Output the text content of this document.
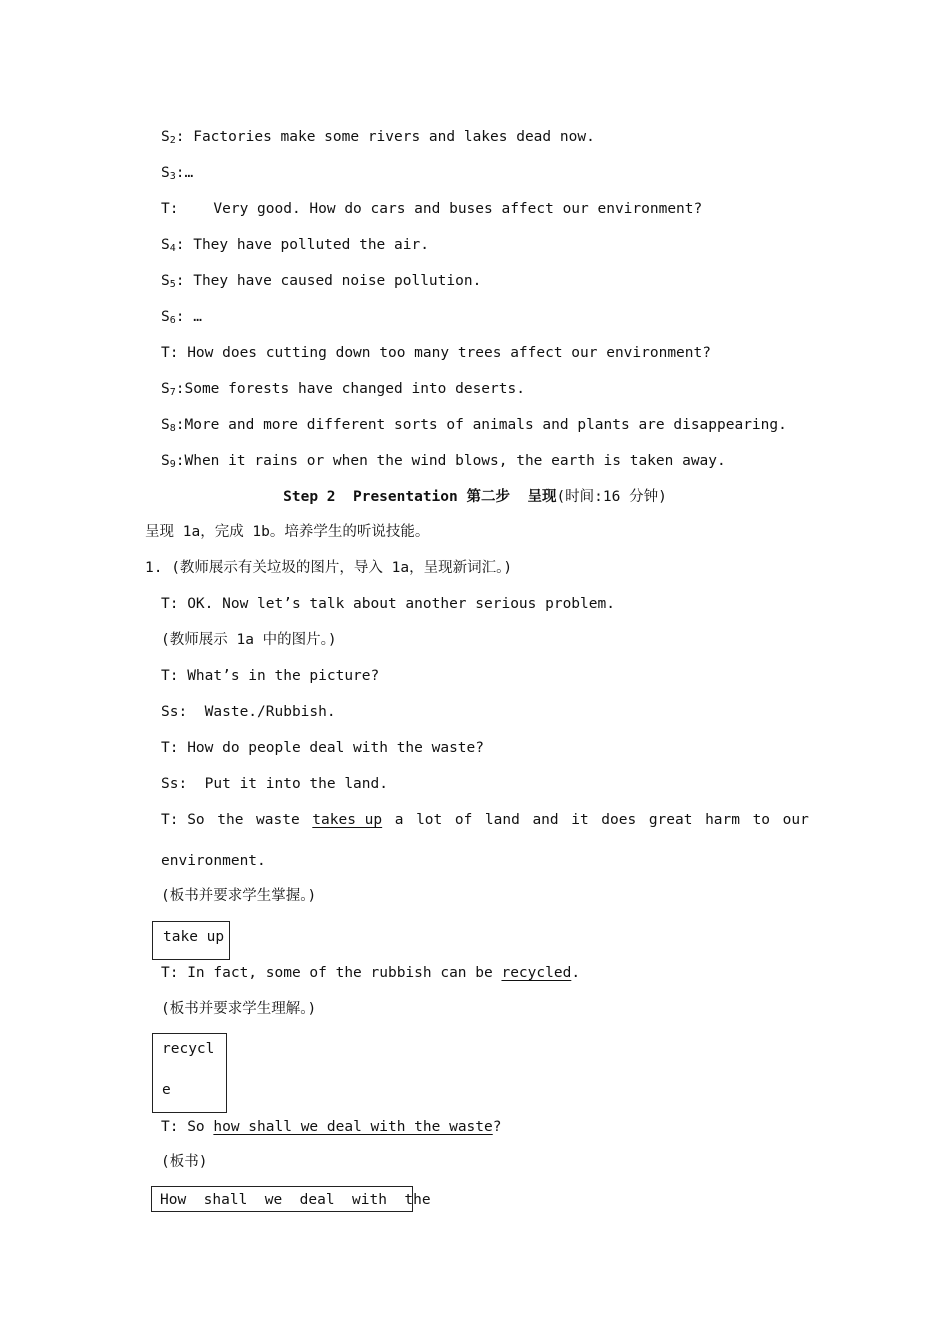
$S_2$: Factories make some rivers and lakes dead now.
$S_3:\dots$
T:    Very good. How do cars and buses affect our environment?
$S_4$: They have polluted the air.
$S_5$: They have caused noise pollution.
$S_6$: …
T: How does cutting down too many trees affect our environment?
$S_7:Some$ forests have changed into deserts.
$S_8:More$ and more different sorts of animals and plants are disappearing.
$S_9:When$ it rains or when the wind blows, the earth is taken away.
Step 2  Presentation 第二步  呈现(时间:16 分钟)
呈现 1a，完成 1b。培养学生的听说技能。
1. (教师展示有关垃圾的图片，导入 1a，呈现新词汇。)
T: OK. Now let’s talk about another serious problem.
(教师展示 1a 中的图片。)
T: What’s in the picture?
Ss:  Waste./Rubbish.
T: How do people deal with the waste?
Ss:  Put it into the land.
T: So the waste takes up a lot of land and it does great harm to our
environment.
(板书并要求学生掌握。)
take up
T: In fact, some of the rubbish can be recycled.
(板书并要求学生理解。)
recycl
e
T: So how shall we deal with the waste?
(板书)
How  shall  we  deal  with  the
